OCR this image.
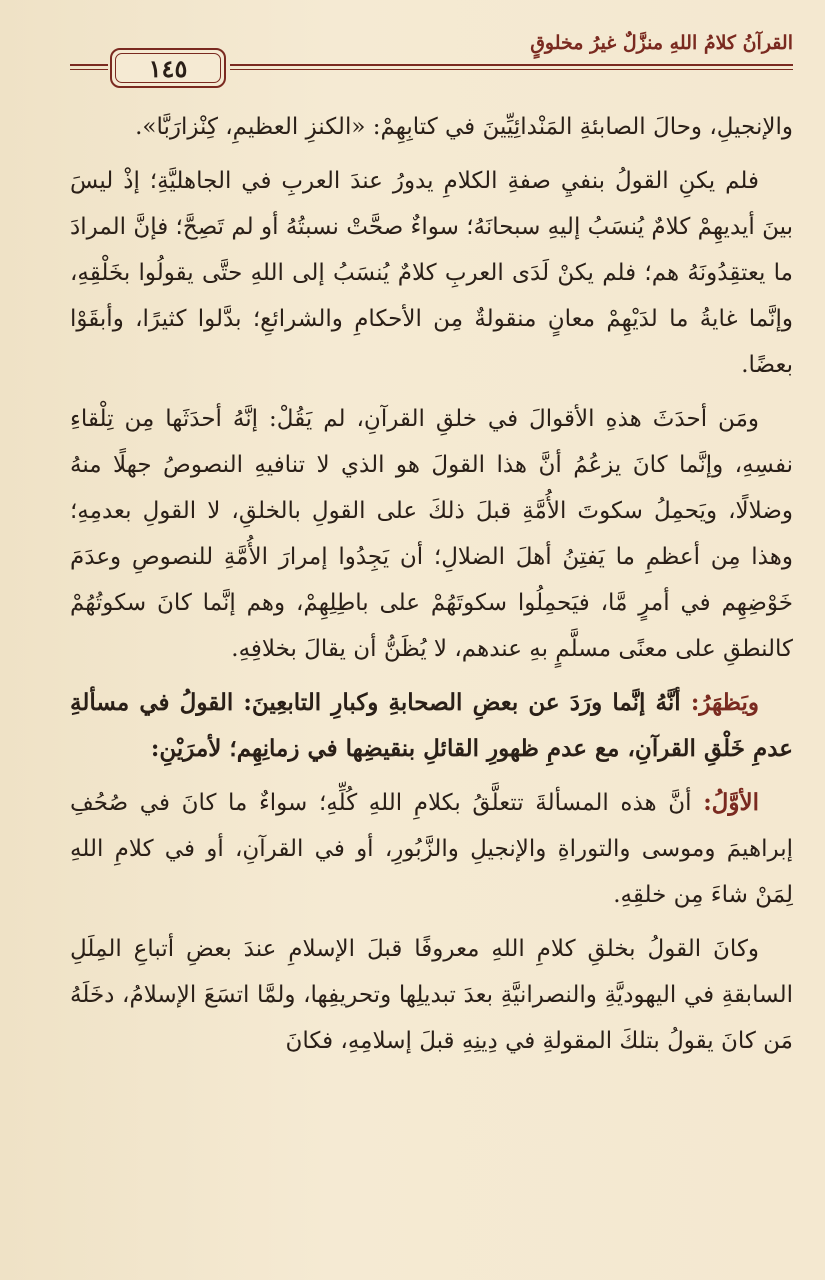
القرآنُ كلامُ اللهِ منزَّلٌ غيرُ مخلوقٍ
١٤٥

والإنجيلِ، وحالَ الصابئةِ المَنْدائِيِّينَ في كتابِهِمْ: «الكنزِ العظيمِ، كِنْزارَبَّا».

فلم يكنِ القولُ بنفيِ صفةِ الكلامِ يدورُ عندَ العربِ في الجاهليَّةِ؛ إذْ ليسَ بينَ أيديهِمْ كلامٌ يُنسَبُ إليهِ سبحانَهُ؛ سواءٌ صحَّتْ نسبتُهُ أو لم تَصِحَّ؛ فإنَّ المرادَ ما يعتقِدُونَهُ هم؛ فلم يكنْ لَدَى العربِ كلامٌ يُنسَبُ إلى اللهِ حتَّى يقولُوا بخَلْقِهِ، وإنَّما غايةُ ما لدَيْهِمْ معانٍ منقولةٌ مِن الأحكامِ والشرائعِ؛ بدَّلوا كثيرًا، وأبقَوْا بعضًا.

ومَن أحدَثَ هذهِ الأقوالَ في خلقِ القرآنِ، لم يَقُلْ: إنَّهُ أحدَثَها مِن تِلْقاءِ نفسِهِ، وإنَّما كانَ يزعُمُ أنَّ هذا القولَ هو الذي لا تنافيهِ النصوصُ جهلًا منهُ وضلالًا، ويَحمِلُ سكوتَ الأُمَّةِ قبلَ ذلكَ على القولِ بالخلقِ، لا القولِ بعدمِهِ؛ وهذا مِن أعظمِ ما يَفتِنُ أهلَ الضلالِ؛ أن يَجِدُوا إمرارَ الأُمَّةِ للنصوصِ وعدَمَ خَوْضِهِم في أمرٍ مَّا، فيَحمِلُوا سكوتَهُمْ على باطِلِهِمْ، وهم إنَّما كانَ سكوتُهُمْ كالنطقِ على معنًى مسلَّمٍ بهِ عندهم، لا يُظَنُّ أن يقالَ بخلافِهِ.

ويَظهَرُ: أنَّهُ إنَّما ورَدَ عن بعضِ الصحابةِ وكبارِ التابعِينَ: القولُ في مسألةِ عدمِ خَلْقِ القرآنِ، مع عدمِ ظهورِ القائلِ بنقيضِها في زمانِهِم؛ لأمرَيْنِ:

الأوَّلُ: أنَّ هذه المسألةَ تتعلَّقُ بكلامِ اللهِ كُلِّهِ؛ سواءٌ ما كانَ في صُحُفِ إبراهيمَ وموسى والتوراةِ والإنجيلِ والزَّبُورِ، أو في القرآنِ، أو في كلامِ اللهِ لِمَنْ شاءَ مِن خلقِهِ.

وكانَ القولُ بخلقِ كلامِ اللهِ معروفًا قبلَ الإسلامِ عندَ بعضِ أتباعِ المِلَلِ السابقةِ في اليهوديَّةِ والنصرانيَّةِ بعدَ تبديلِها وتحريفِها، ولمَّا اتسَعَ الإسلامُ، دخَلَهُ مَن كانَ يقولُ بتلكَ المقولةِ في دِينِهِ قبلَ إسلامِهِ، فكانَ
